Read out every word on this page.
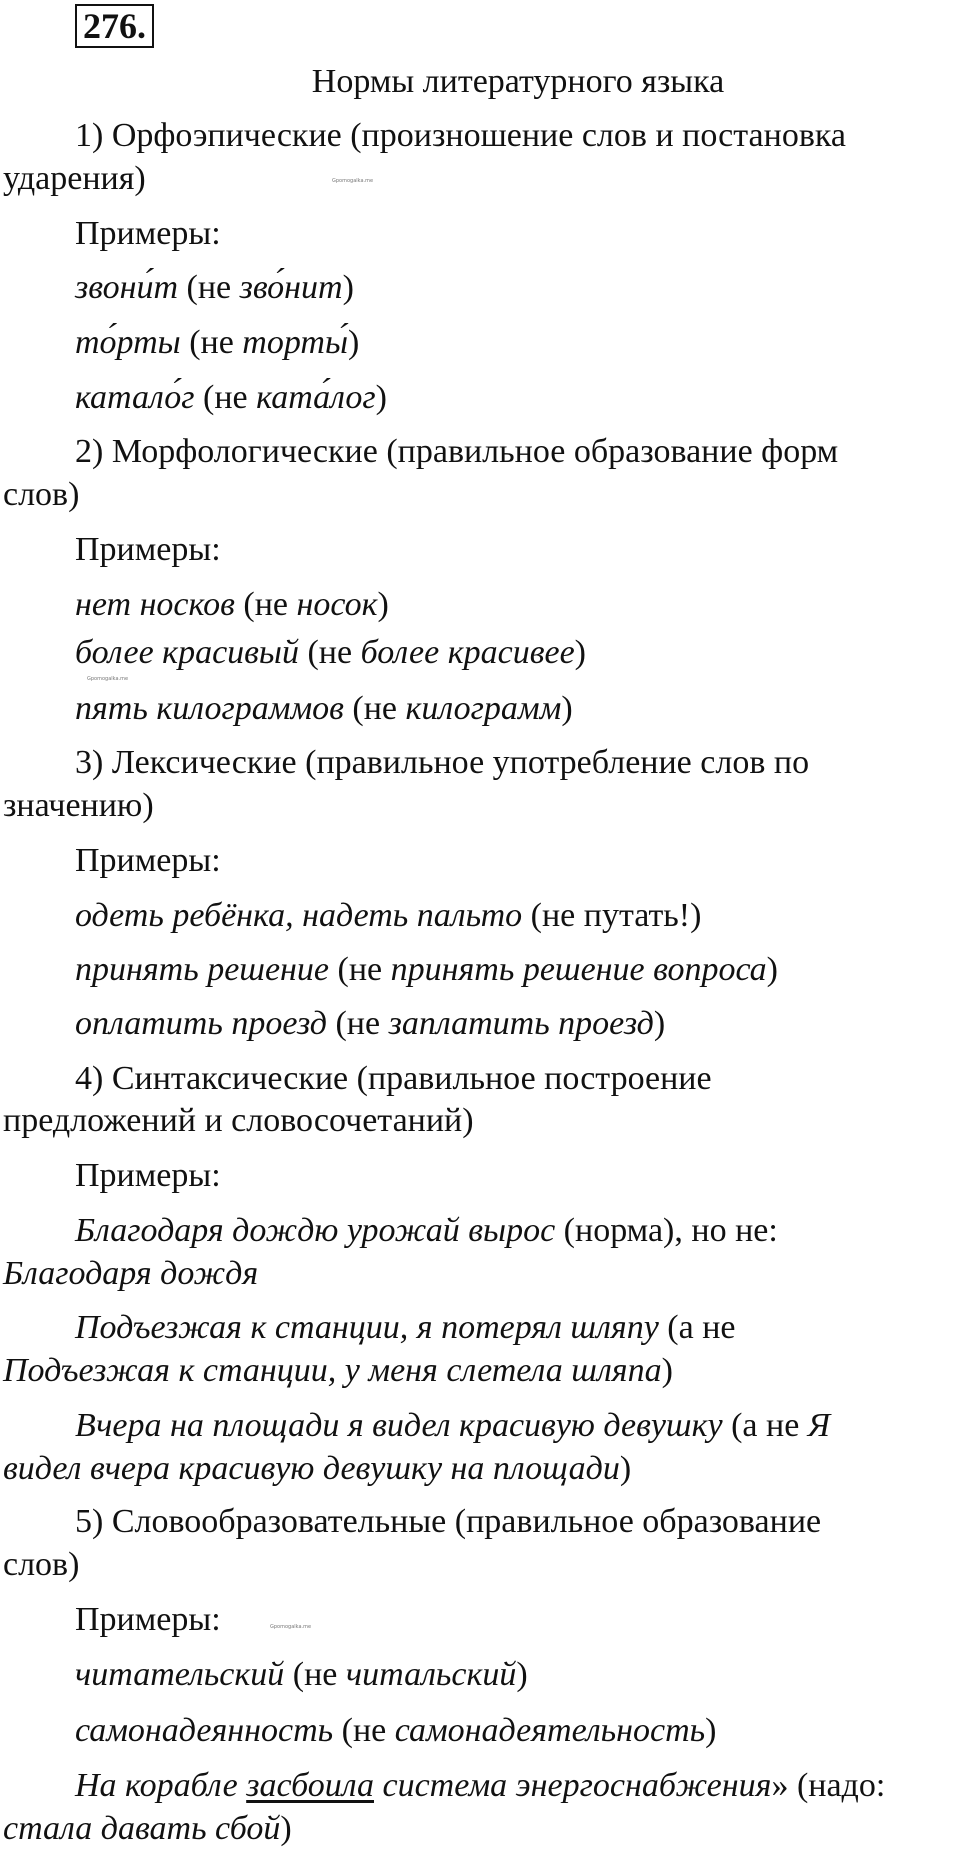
276.
Нормы литературного языка
1) Орфоэпические (произношение слов и постановка
ударения)	Gpomogalka.me
Примеры:
звони́т (не зво́нит)
то́рты (не торты́)
катало́г (не ката́лог)
2) Морфологические (правильное образование форм
слов)
Примеры:
нет носков (не носок)
более красивый (не более красивее)
Gpomogalka.me
пять килограммов (не килограмм)
3) Лексические (правильное употребление слов по
значению)
Примеры:
одеть ребёнка, надеть пальто (не путать!)
принять решение (не принять решение вопроса)
оплатить проезд (не заплатить проезд)
4) Синтаксические (правильное построение
предложений и словосочетаний)
Примеры:
Благодаря дождю урожай вырос (норма), но не:
Благодаря дождя
Подъезжая к станции, я потерял шляпу (а не
Подъезжая к станции, у меня слетела шляпа)
Вчера на площади я видел красивую девушку (а не Я
видел вчера красивую девушку на площади)
5) Словообразовательные (правильное образование
слов)
Примеры:	Gpomogalka.me
читательский (не читальский)
самонадеянность (не самонадеятельность)
На корабле засбоила система энергоснабжения» (надо:
стала давать сбой)
